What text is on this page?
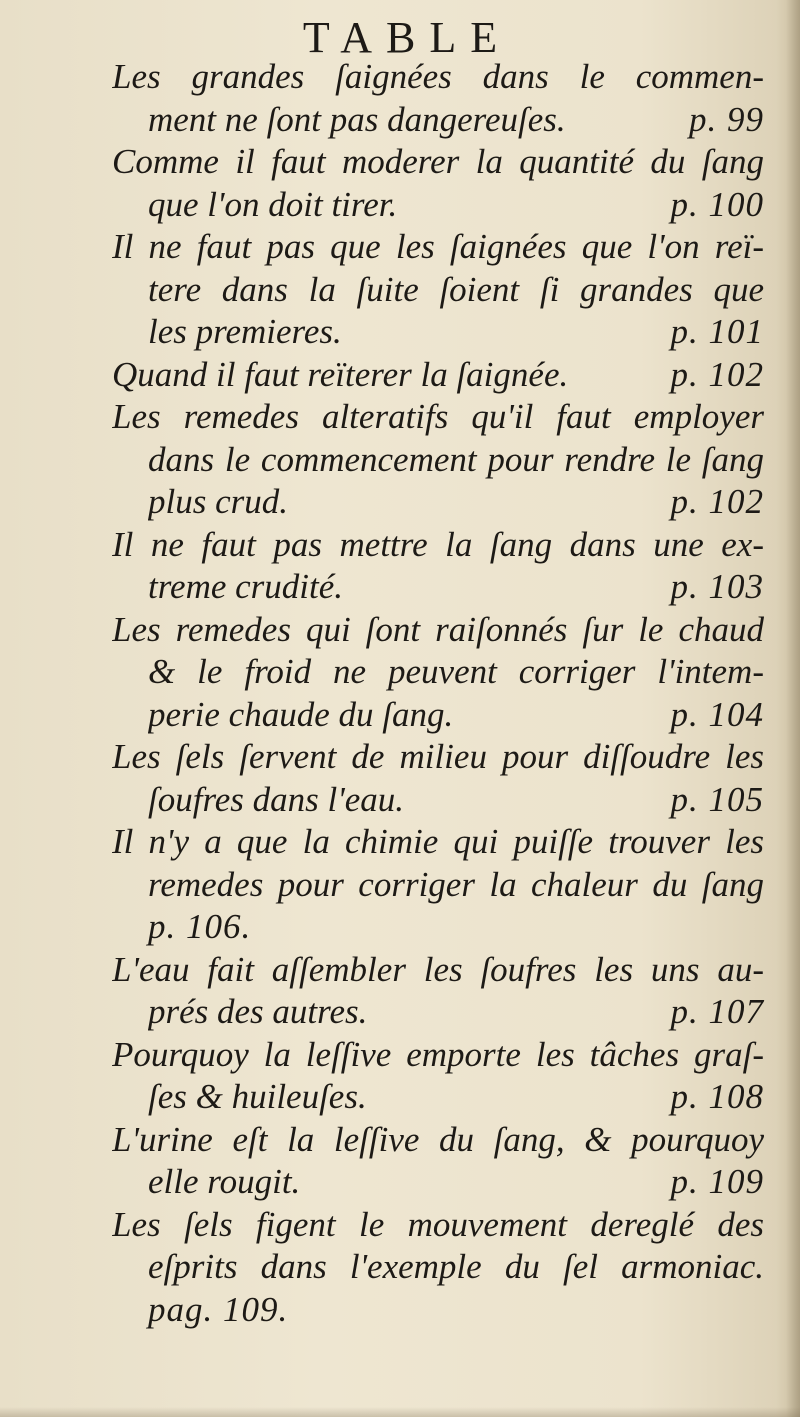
TABLE
Les grandes ſaignées dans le commen-
ment ne ſont pas dangereuſes.	p. 99
Comme il faut moderer la quantité du ſang
que l'on doit tirer.	p. 100
Il ne faut pas que les ſaignées que l'on reï-
tere dans la ſuite ſoient ſi grandes que
les premieres.	p. 101
Quand il faut reïterer la ſaignée.	p. 102
Les remedes alteratifs qu'il faut employer
dans le commencement pour rendre le ſang
plus crud.	p. 102
Il ne faut pas mettre la ſang dans une ex-
treme crudité.	p. 103
Les remedes qui ſont raiſonnés ſur le chaud
& le froid ne peuvent corriger l'intem-
perie chaude du ſang.	p. 104
Les ſels ſervent de milieu pour diſſoudre les
ſoufres dans l'eau.	p. 105
Il n'y a que la chimie qui puiſſe trouver les
remedes pour corriger la chaleur du ſang
p. 106.
L'eau fait aſſembler les ſoufres les uns au-
prés des autres.	p. 107
Pourquoy la leſſive emporte les tâches graſ-
ſes & huileuſes.	p. 108
L'urine eſt la leſſive du ſang, & pourquoy
elle rougit.	p. 109
Les ſels figent le mouvement dereglé des
eſprits dans l'exemple du ſel armoniac.
pag. 109.
